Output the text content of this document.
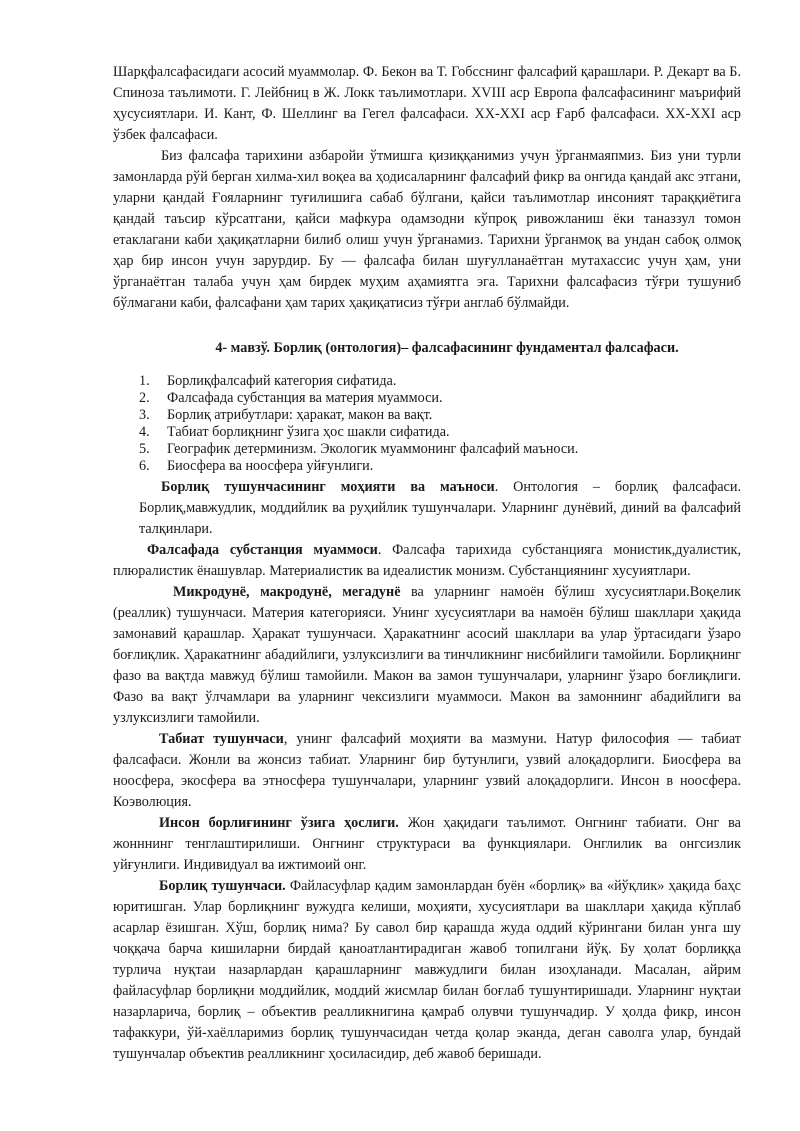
Шарқфалсафасидаги асосий муаммолар. Ф. Бекон ва Т. Гобсснинг фалсафий қарашлари. Р. Декарт ва Б. Спиноза таълимоти. Г. Лейбниц в Ж. Локк таълимотлари. XVIII аср Европа фалсафасининг маърифий ҳусусиятлари. И. Кант, Ф. Шеллинг ва Гегел фалсафаси. XX-XXI аср Ғарб фалсафаси. XX-XXI аср ўзбек фалсафаси.

Биз фалсафа тарихини азбаройи ўтмишга қизиққанимиз учун ўрганмаяпмиз. Биз уни турли замонларда рўй берган хилма-хил воқеа ва ҳодисаларнинг фалсафий фикр ва онгида қандай акс этгани, уларни қандай Ғояларнинг туғилишига сабаб бўлгани, қайси таълимотлар инсоният тараққиётига қандай таъсир кўрсатгани, қайси мафкура одамзодни кўпроқ ривожланиш ёки таназзул томон етаклагани каби ҳақиқатларни билиб олиш учун ўрганамиз. Тарихни ўрганмоқ ва ундан сабоқ олмоқ ҳар бир инсон учун зарурдир. Бу — фалсафа билан шуғулланаётган мутахассис учун ҳам, уни ўрганаётган талаба учун ҳам бирдек муҳим аҳамиятга эга. Тарихни фалсафасиз тўғри тушуниб бўлмагани каби, фалсафани ҳам тарих ҳақиқатисиз тўғри англаб бўлмайди.

4- мавзў. Борлиқ (онтология)– фалсафасининг фундаментал фалсафаси.

1.	Борлиқфалсафий категория сифатида.
2.	Фалсафада субстанция ва материя муаммоси.
3.	Борлиқ атрибутлари: ҳаракат, макон ва вақт.
4.	Табиат борлиқнинг ўзига ҳос шакли сифатида.
5.	Географик детерминизм. Экологик муаммонинг фалсафий маъноси.
6.	Биосфера ва ноосфера уйғунлиги.

Борлиқ тушунчасининг моҳияти ва маъноси. Онтология – борлиқ фалсафаси. Борлиқ,мавжудлик, моддийлик ва руҳийлик тушунчалари. Уларнинг дунёвий, диний ва фалсафий талқинлари.

Фалсафада субстанция муаммоси. Фалсафа тарихида субстанцияга монистик,дуалистик, плюралистик ёнашувлар. Материалистик ва идеалистик монизм. Субстанциянинг хусуиятлари.

Микродунё, макродунё, мегадунё ва уларнинг намоён бўлиш хусусиятлари.Воқелик (реаллик) тушунчаси. Материя категорияси. Унинг хусусиятлари ва намоён бўлиш шакллари ҳақида замонавий қарашлар. Ҳаракат тушунчаси. Ҳаракатнинг асосий шакллари ва улар ўртасидаги ўзаро боғлиқлик. Ҳаракатнинг абадийлиги, узлуксизлиги ва тинчликнинг нисбийлиги тамойили. Борлиқнинг фазо ва вақтда мавжуд бўлиш тамойили. Макон ва замон тушунчалари, уларнинг ўзаро боғлиқлиги. Фазо ва вақт ўлчамлари ва уларнинг чексизлиги муаммоси. Макон ва замоннинг абадийлиги ва узлуксизлиги тамойили.

Табиат тушунчаси, унинг фалсафий моҳияти ва мазмуни. Натур философия — табиат фалсафаси. Жонли ва жонсиз табиат. Уларнинг бир бутунлиги, узвий алоқадорлиги. Биосфера ва ноосфера, экосфера ва этносфера тушунчалари, уларнинг узвий алоқадорлиги. Инсон в ноосфера. Коэволюция.

Инсон борлиғининг ўзига ҳослиги. Жон ҳақидаги таълимот. Онгнинг табиати. Онг ва жонннинг тенглаштирилиши. Онгнинг структураси ва функциялари. Онглилик ва онгсизлик уйғунлиги. Индивидуал ва ижтимоий онг.

Борлиқ тушунчаси. Файласуфлар қадим замонлардан буён «борлиқ» ва «йўқлик» ҳақида баҳс юритишган. Улар борлиқнинг вужудга келиши, моҳияти, хусусиятлари ва шакллари ҳақида кўплаб асарлар ёзишган. Хўш, борлиқ нима? Бу савол бир қарашда жуда оддий кўрингани билан унга шу чоққача барча кишиларни бирдай қаноатлантирадиган жавоб топилгани йўқ. Бу ҳолат борлиққа турлича нуқтаи назарлардан қарашларнинг мавжудлиги билан изоҳланади. Масалан, айрим файласуфлар борлиқни моддийлик, моддий жисмлар билан боғлаб тушунтиришади. Уларнинг нуқтаи назарларича, борлиқ – объектив реалликнигина қамраб олувчи тушунчадир. У ҳолда фикр, инсон тафаккури, ўй-хаёлларимиз борлиқ тушунчасидан четда қолар эканда, деган саволга улар, бундай тушунчалар объектив реалликнинг ҳосиласидир, деб жавоб беришади.
